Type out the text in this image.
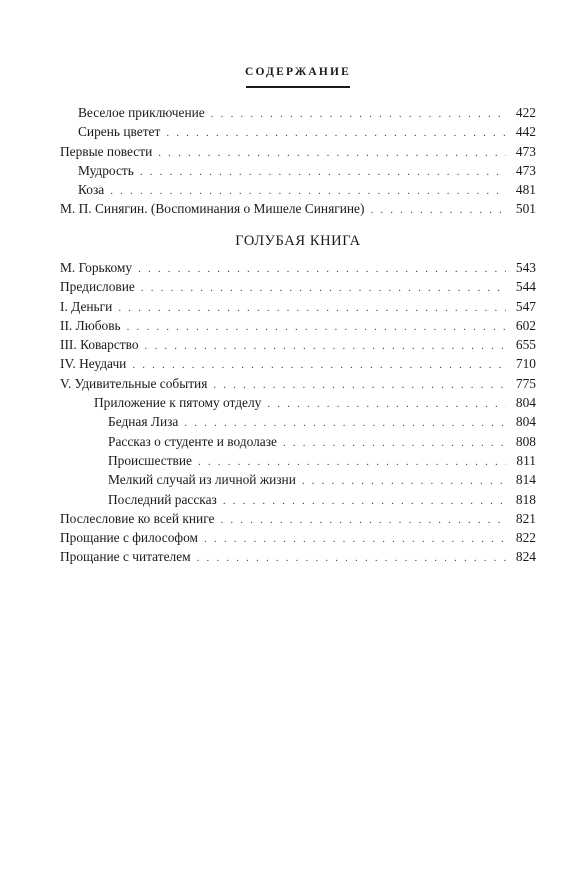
СОДЕРЖАНИЕ
Веселое приключение . . .	422
Сирень цветет . . .	442
Первые повести . . .	473
Мудрость . . .	473
Коза . . .	481
М. П. Синягин. (Воспоминания о Мишеле Синягине) . . .	501
ГОЛУБАЯ КНИГА
М. Горькому . . .	543
Предисловие . . .	544
I. Деньги . . .	547
II. Любовь . . .	602
III. Коварство . . .	655
IV. Неудачи . . .	710
V. Удивительные события . . .	775
Приложение к пятому отделу . . .	804
Бедная Лиза . . .	804
Рассказ о студенте и водолазе . . .	808
Происшествие . . .	811
Мелкий случай из личной жизни . . .	814
Последний рассказ . . .	818
Послесловие ко всей книге . . .	821
Прощание с философом . . .	822
Прощание с читателем . . .	824
